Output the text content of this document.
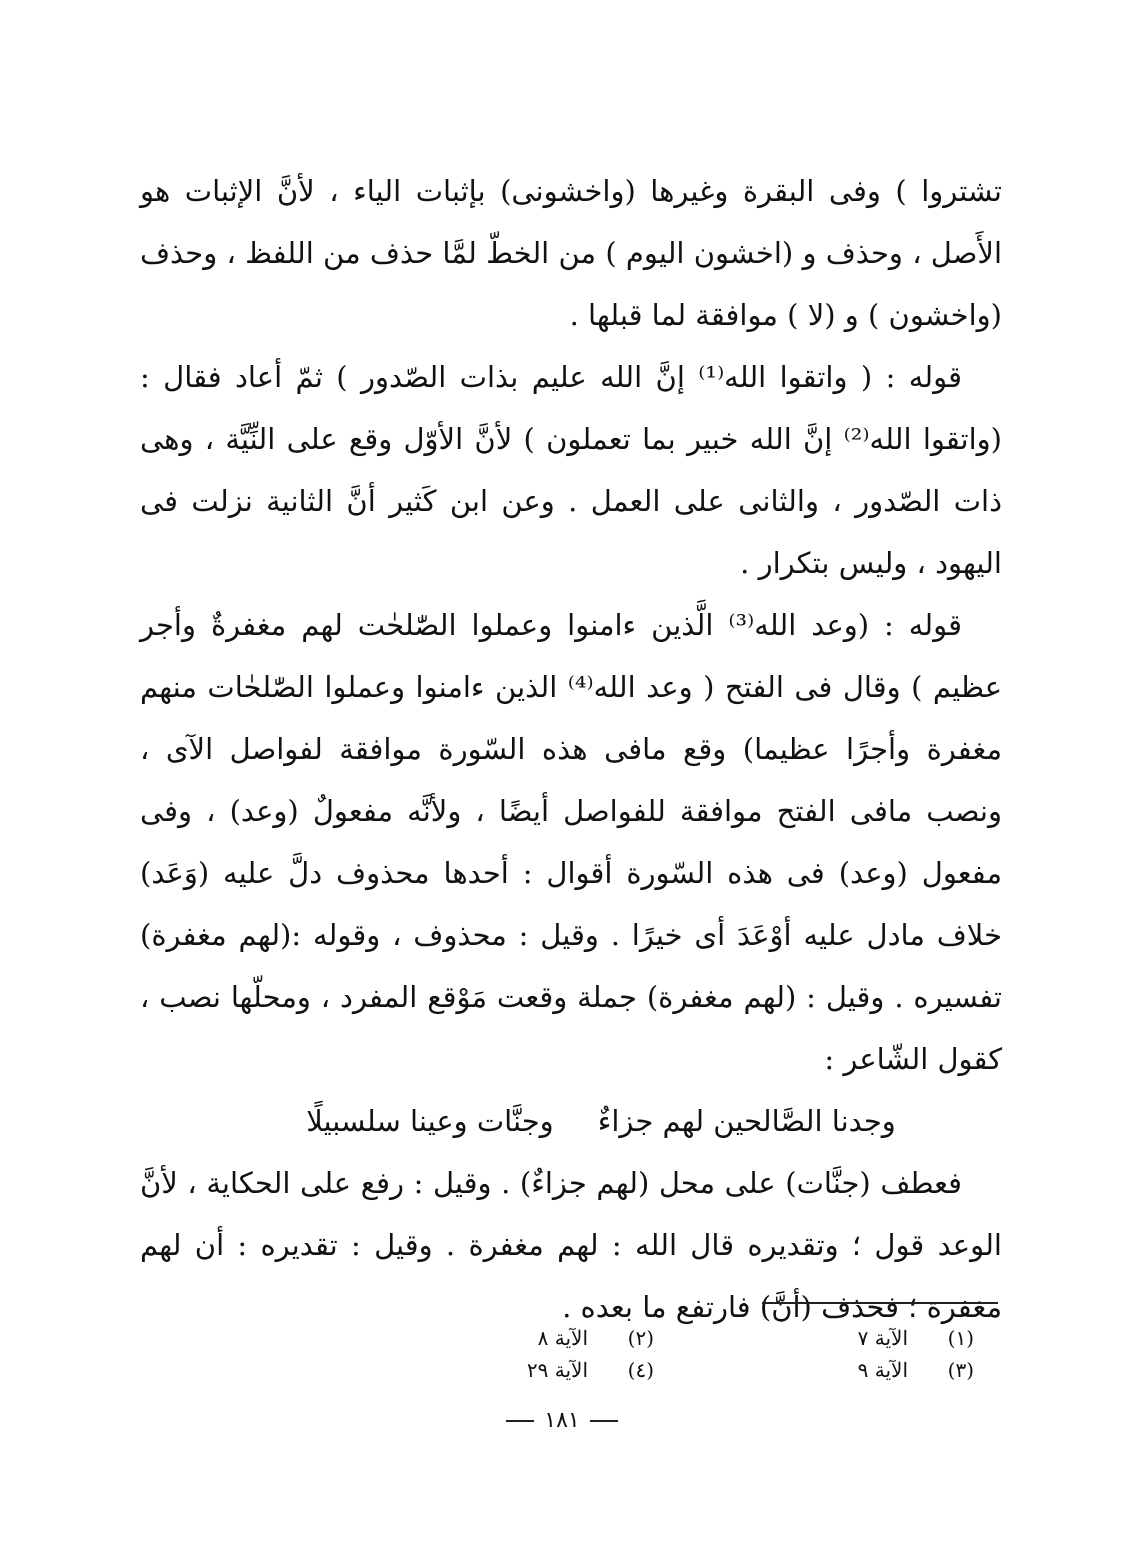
تشتروا ) وفى البقرة وغيرها (واخشونى) بإثبات الياء ، لأنَّ الإثبات هو الأَصل ، وحذف و (اخشون اليوم ) من الخطّ لمَّا حذف من اللفظ ، وحذف (واخشون ) و (لا ) موافقة لما قبلها .

قوله : ( واتقوا الله⁽¹⁾ إنَّ الله عليم بذات الصّدور ) ثمّ أعاد فقال : (واتقوا الله⁽²⁾ إنَّ الله خبير بما تعملون ) لأنَّ الأوّل وقع على النِّيَّة ، وهى ذات الصّدور ، والثانى على العمل . وعن ابن كَثير أنَّ الثانية نزلت فى اليهود ، وليس بتكرار .

قوله : (وعد الله⁽³⁾ الَّذين ءامنوا وعملوا الصّٰلحٰت لهم مغفرةٌ وأجر عظيم ) وقال فى الفتح ( وعد الله⁽⁴⁾ الذين ءامنوا وعملوا الصّٰلحٰات منهم مغفرة وأجرًا عظيما) وقع مافى هذه السّورة موافقة لفواصل الآى ، ونصب مافى الفتح موافقة للفواصل أيضًا ، ولأنَّه مفعولٌ (وعد) ، وفى مفعول (وعد) فى هذه السّورة أقوال : أحدها محذوف دلَّ عليه (وَعَد) خلاف مادل عليه أوْعَدَ أى خيرًا . وقيل : محذوف ، وقوله :(لهم مغفرة) تفسيره . وقيل : (لهم مغفرة) جملة وقعت مَوْقع المفرد ، ومحلّها نصب ، كقول الشّاعر :

وجدنا الصَّالحين لهم جزاءٌ
وجنَّات وعينا سلسبيلًا

فعطف (جنَّات) على محل (لهم جزاءٌ) . وقيل : رفع على الحكاية ، لأنَّ الوعد قول ؛ وتقديره قال الله : لهم مغفرة . وقيل : تقديره : أن لهم مغفرة ؛ فحذف (أنَّ) فارتفع ما بعده .

(١)
الآية ٧
(٢)
الآية ٨
(٣)
الآية ٩
(٤)
الآية ٢٩
١٨١
